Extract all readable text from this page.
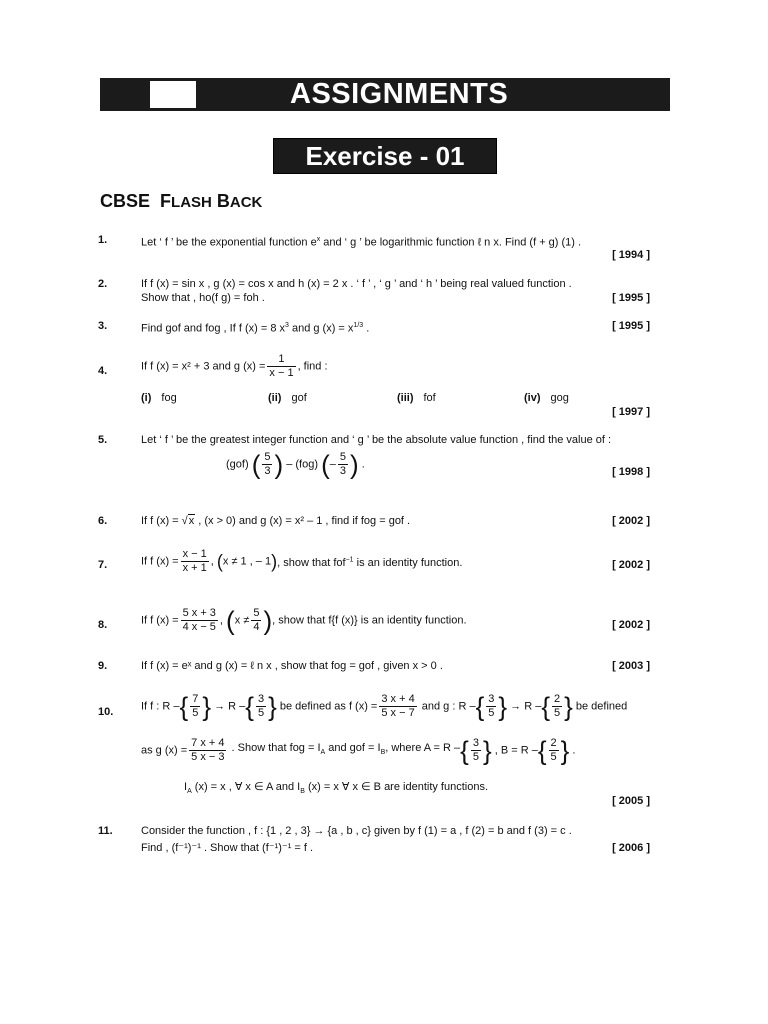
ASSIGNMENTS
Exercise - 01
CBSE FLASH BACK
1.	Let ‘ f ’ be the exponential function $e^x$ and ‘ g ’ be logarithmic function ℓ n x. Find (f + g) (1) .
[ 1994 ]
2.	If f (x) = sin x , g (x) = cos x and h (x) = 2 x . ‘ f ’ , ‘ g ’ and ‘ h ’ being real valued function .
Show that , ho(f g) = foh .	[ 1995 ]
3.	Find gof and fog , If f (x) = 8 $x^3$ and g $(x) = x^{1/3}$ .	[ 1995 ]
4.	If f (x) = x² + 3 and g $(x) = \frac{1}{x - 1}$ , find :
(i) fog	(ii) gof	(iii) fof	(iv) gog
[ 1997 ]
5.	Let ‘ f ’ be the greatest integer function and ‘ g ’ be the absolute value function , find the value of :
(gof) ( $\frac{5}{3}$ ) – (fog) (– $\frac{5}{3}$ ) .
[ 1998 ]
6.	If f (x) = √x , (x > 0) and g (x) = x² – 1 , find if fog = gof .	[ 2002 ]
7.	If f $(x) = \frac{x - 1}{x + 1}$ , (x ≠ 1 , – 1), show that fof$^{-1}$ is an identity function.	[ 2002 ]
8.	If f $(x) = \frac{5 x + 3}{4 x - 5}$ , ($x \ne \frac{5}{4}$ ), show that f{f (x)} is an identity function.	[ 2002 ]
9.	If f (x) = eˣ and g (x) = ℓ n x , show that fog = gof , given x > 0 .	[ 2003 ]
10.	If f : R –{ $\frac{7}{5}$ } → R –{ $\frac{3}{5}$ } be defined as f $(x) = \frac{3 x + 4}{5 x - 7}$ and g : R –{ $\frac{3}{5}$ } → R –{ $\frac{2}{5}$ } be defined
as g $(x) = \frac{7 x + 4}{5 x - 3}$ . Show that fog = $I_A$ and gof = $I_B$, where A = R –{ $\frac{3}{5}$ } , B = R –{ $\frac{2}{5}$ } .
$I_A$ (x) = x , ∀ x ∈ A and $I_B$ (x) = x ∀ x ∈ B are identity functions.
[ 2005 ]
11.	Consider the function , f : {1 , 2 , 3} → {a , b , c} given by f (1) = a , f (2) = b and f (3) = c .
Find , (f⁻¹)⁻¹ . Show that (f⁻¹)⁻¹ = f .	[ 2006 ]
